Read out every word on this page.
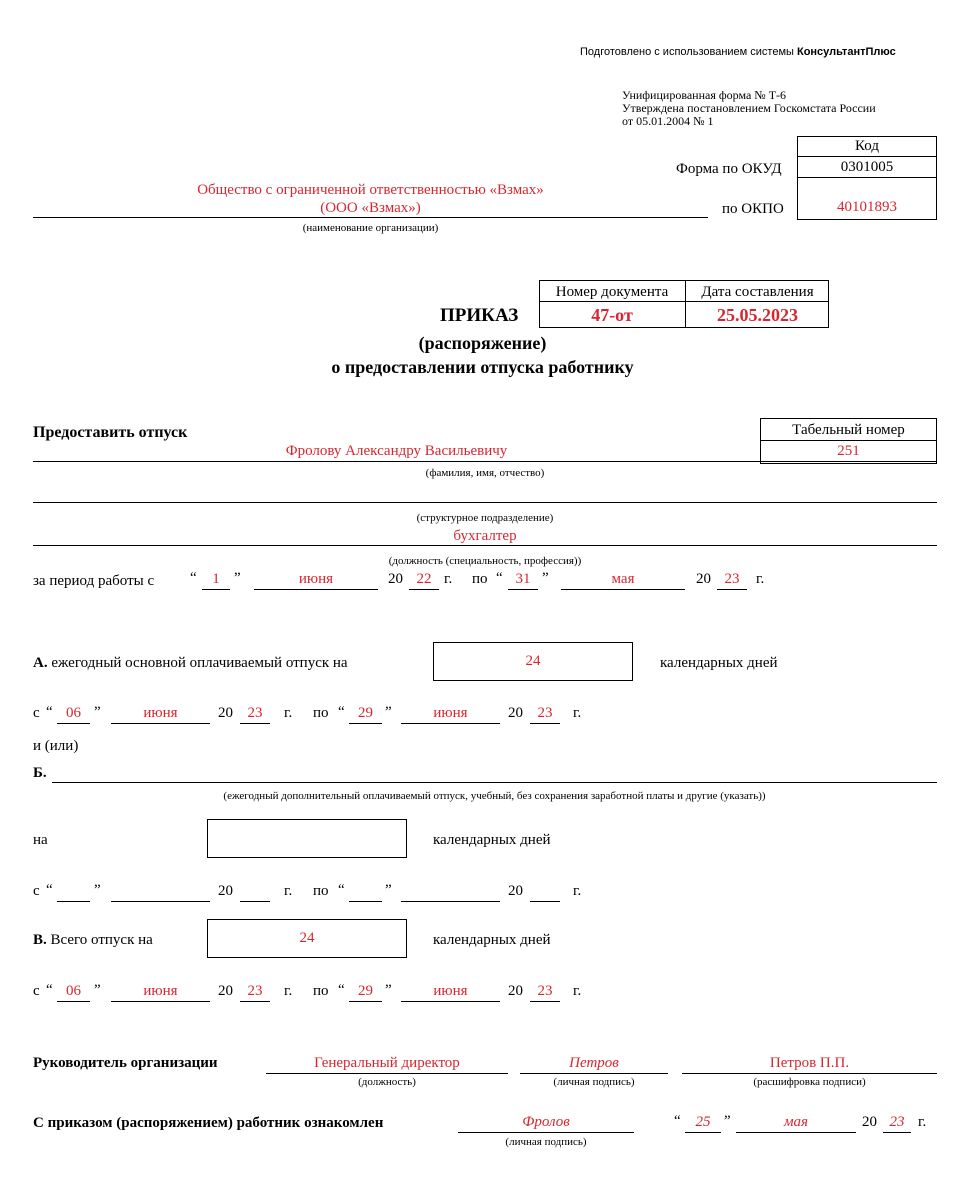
Подготовлено с использованием системы КонсультантПлюс
Унифицированная форма № Т-6
Утверждена постановлением Госкомстата России
от 05.01.2004 № 1
Код
0301005
40101893
Форма по ОКУД
по ОКПО
Общество с ограниченной ответственностью «Взмах»
(ООО «Взмах»)
(наименование организации)
Номер документа	Дата составления
47-от	25.05.2023
ПРИКАЗ
(распоряжение)
о предоставлении отпуска работнику
Предоставить отпуск	Табельный номер
251
Фролову Александру Васильевичу
(фамилия, имя, отчество)
(структурное подразделение)
бухгалтер
(должность (специальность, профессия))
за период работы с “	1 ”	июня	20 22 г. по “ 31 ”	мая	20 23	г.
А. ежегодный основной оплачиваемый отпуск на	24	календарных дней
с “ 06 ”	июня	20 23	г. по “ 29 ”	июня	20 23	г.
и (или)
Б.
(ежегодный дополнительный оплачиваемый отпуск, учебный, без сохранения заработной платы и другие (указать))
на	календарных дней
с “	”	20	г. по “	”	20	г.
В. Всего отпуск на	24	календарных дней
с “ 06 ”	июня	20 23	г. по “ 29 ”	июня	20 23	г.
Руководитель организации	Генеральный директор
(должность)
Петров
(личная подпись)
Петров П.П.
(расшифровка подписи)
С приказом (распоряжением) работник ознакомлен	Фролов
(личная подпись)
“ 25 ”	мая	20 23 г.
